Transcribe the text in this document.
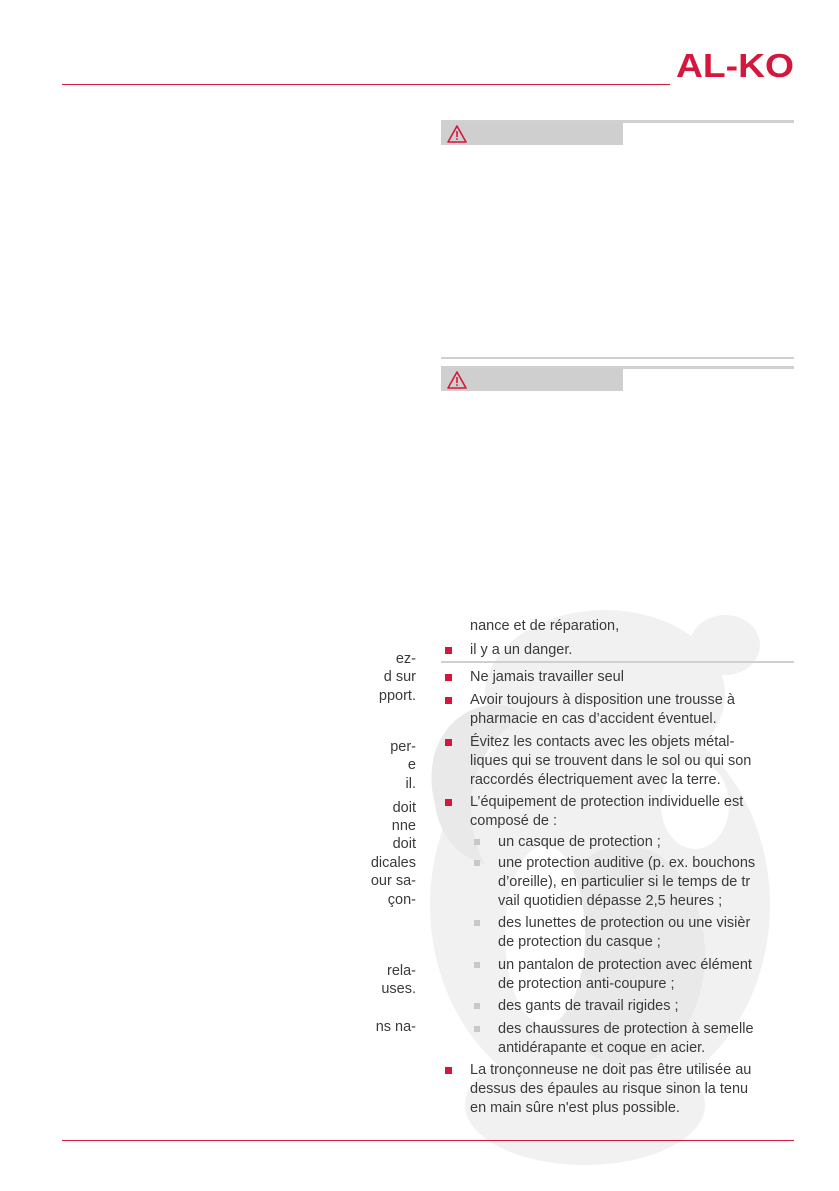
AL-KO
ez-
d sur
pport.
per-
e
il.
doit
nne
doit
dicales
our sa-
çon-
rela-
uses.
ns na-
nance et de réparation,
il y a un danger.
Ne jamais travailler seul
Avoir toujours à disposition une trousse à
pharmacie en cas d’accident éventuel.
Évitez les contacts avec les objets métal-
liques qui se trouvent dans le sol ou qui son
raccordés électriquement avec la terre.
L’équipement de protection individuelle est
composé de :
un casque de protection ;
une protection auditive (p. ex. bouchons
d’oreille), en particulier si le temps de tr
vail quotidien dépasse 2,5 heures ;
des lunettes de protection ou une visièr
de protection du casque ;
un pantalon de protection avec élément
de protection anti-coupure ;
des gants de travail rigides ;
des chaussures de protection à semelle
antidérapante et coque en acier.
La tronçonneuse ne doit pas être utilisée au
dessus des épaules au risque sinon la tenu
en main sûre n'est plus possible.
